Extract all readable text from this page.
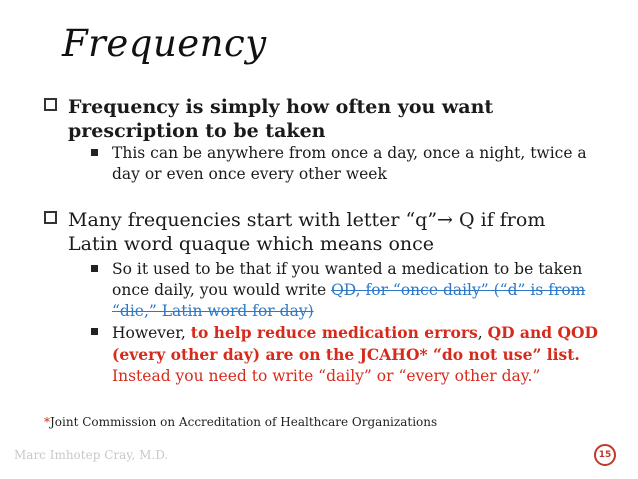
Frequency
Frequency is simply how often you want prescription to be taken
This can be anywhere from once a day, once a night, twice a day or even once every other week
Many frequencies start with letter “q”→ Q if from Latin word quaque which means once
So it used to be that if you wanted a medication to be taken once daily, you would write QD, for “once daily” (“d” is from “die,” Latin word for day)
However, to help reduce medication errors, QD and QOD (every other day) are on the JCAHO* “do not use” list. Instead you need to write “daily” or “every other day.”
*Joint Commission on Accreditation of Healthcare Organizations
Marc Imhotep Cray, M.D.	15
